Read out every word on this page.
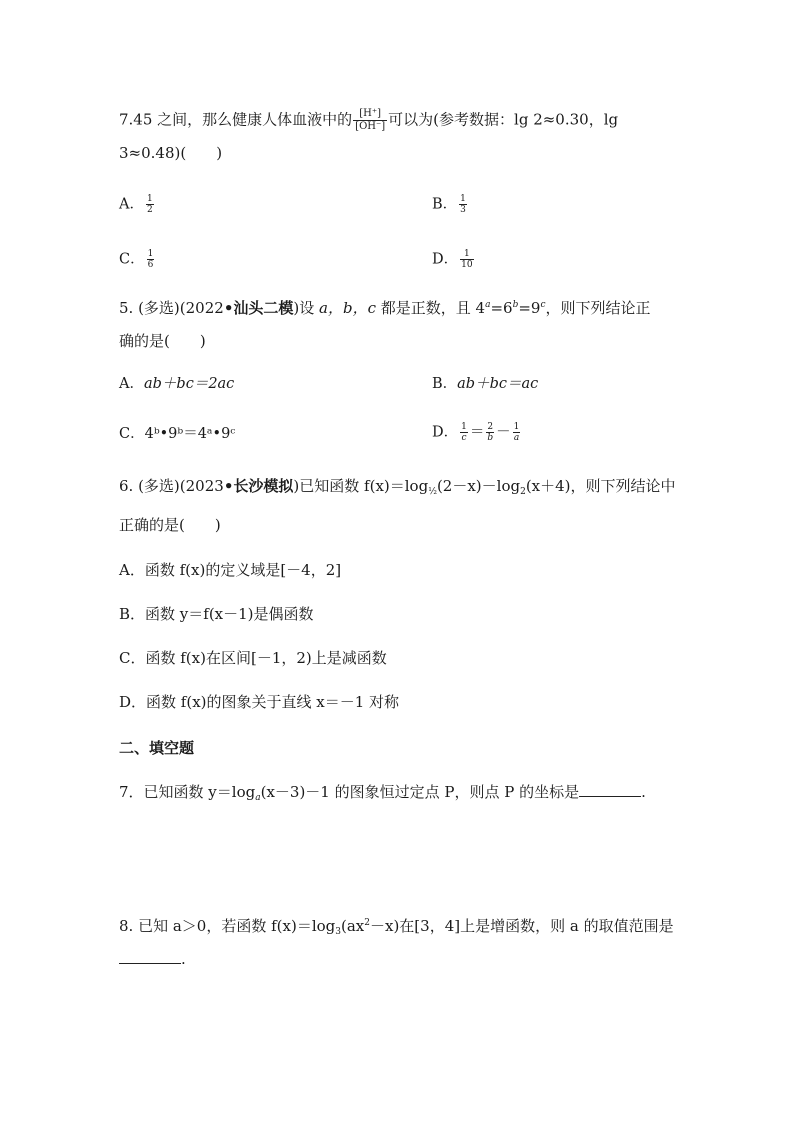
7.45 之间，那么健康人体血液中的 $\frac{[H^+]}{[OH^-]}$ 可以为(参考数据：lg 2≈0.30，lg
3≈0.48)(　　)
A． $\frac{1}{2}$	B． $\frac{1}{3}$
C． $\frac{1}{6}$	D． $\frac{1}{10}$
5. (多选)(2022•汕头二模)设 a，b，c 都是正数，且 $4^a=6^b=9^c$，则下列结论正
确的是(　　)
A．ab＋bc＝2ac	B．ab＋bc＝ac
C．4ᵇ•9ᵇ＝4ᵃ•9ᶜ	D． $\frac{1}{c} = \frac{2}{b} - \frac{1}{a}$
6. (多选)(2023•长沙模拟)已知函数 $f(x)=\log_{\frac{1}{2}}(2-x)-\log_2(x+4)$，则下列结论中
正确的是(　　)
A．函数 f(x)的定义域是[－4，2]
B．函数 y＝f(x－1)是偶函数
C．函数 f(x)在区间[－1，2)上是减函数
D．函数 f(x)的图象关于直线 x＝－1 对称
二、填空题
7．已知函数 $y=\log_a(x-3)-1$ 的图象恒过定点 P，则点 P 的坐标是	.
8. 已知 a＞0，若函数 $f(x)=\log_3(ax^2-x)$在[3，4]上是增函数，则 a 的取值范围是
.
